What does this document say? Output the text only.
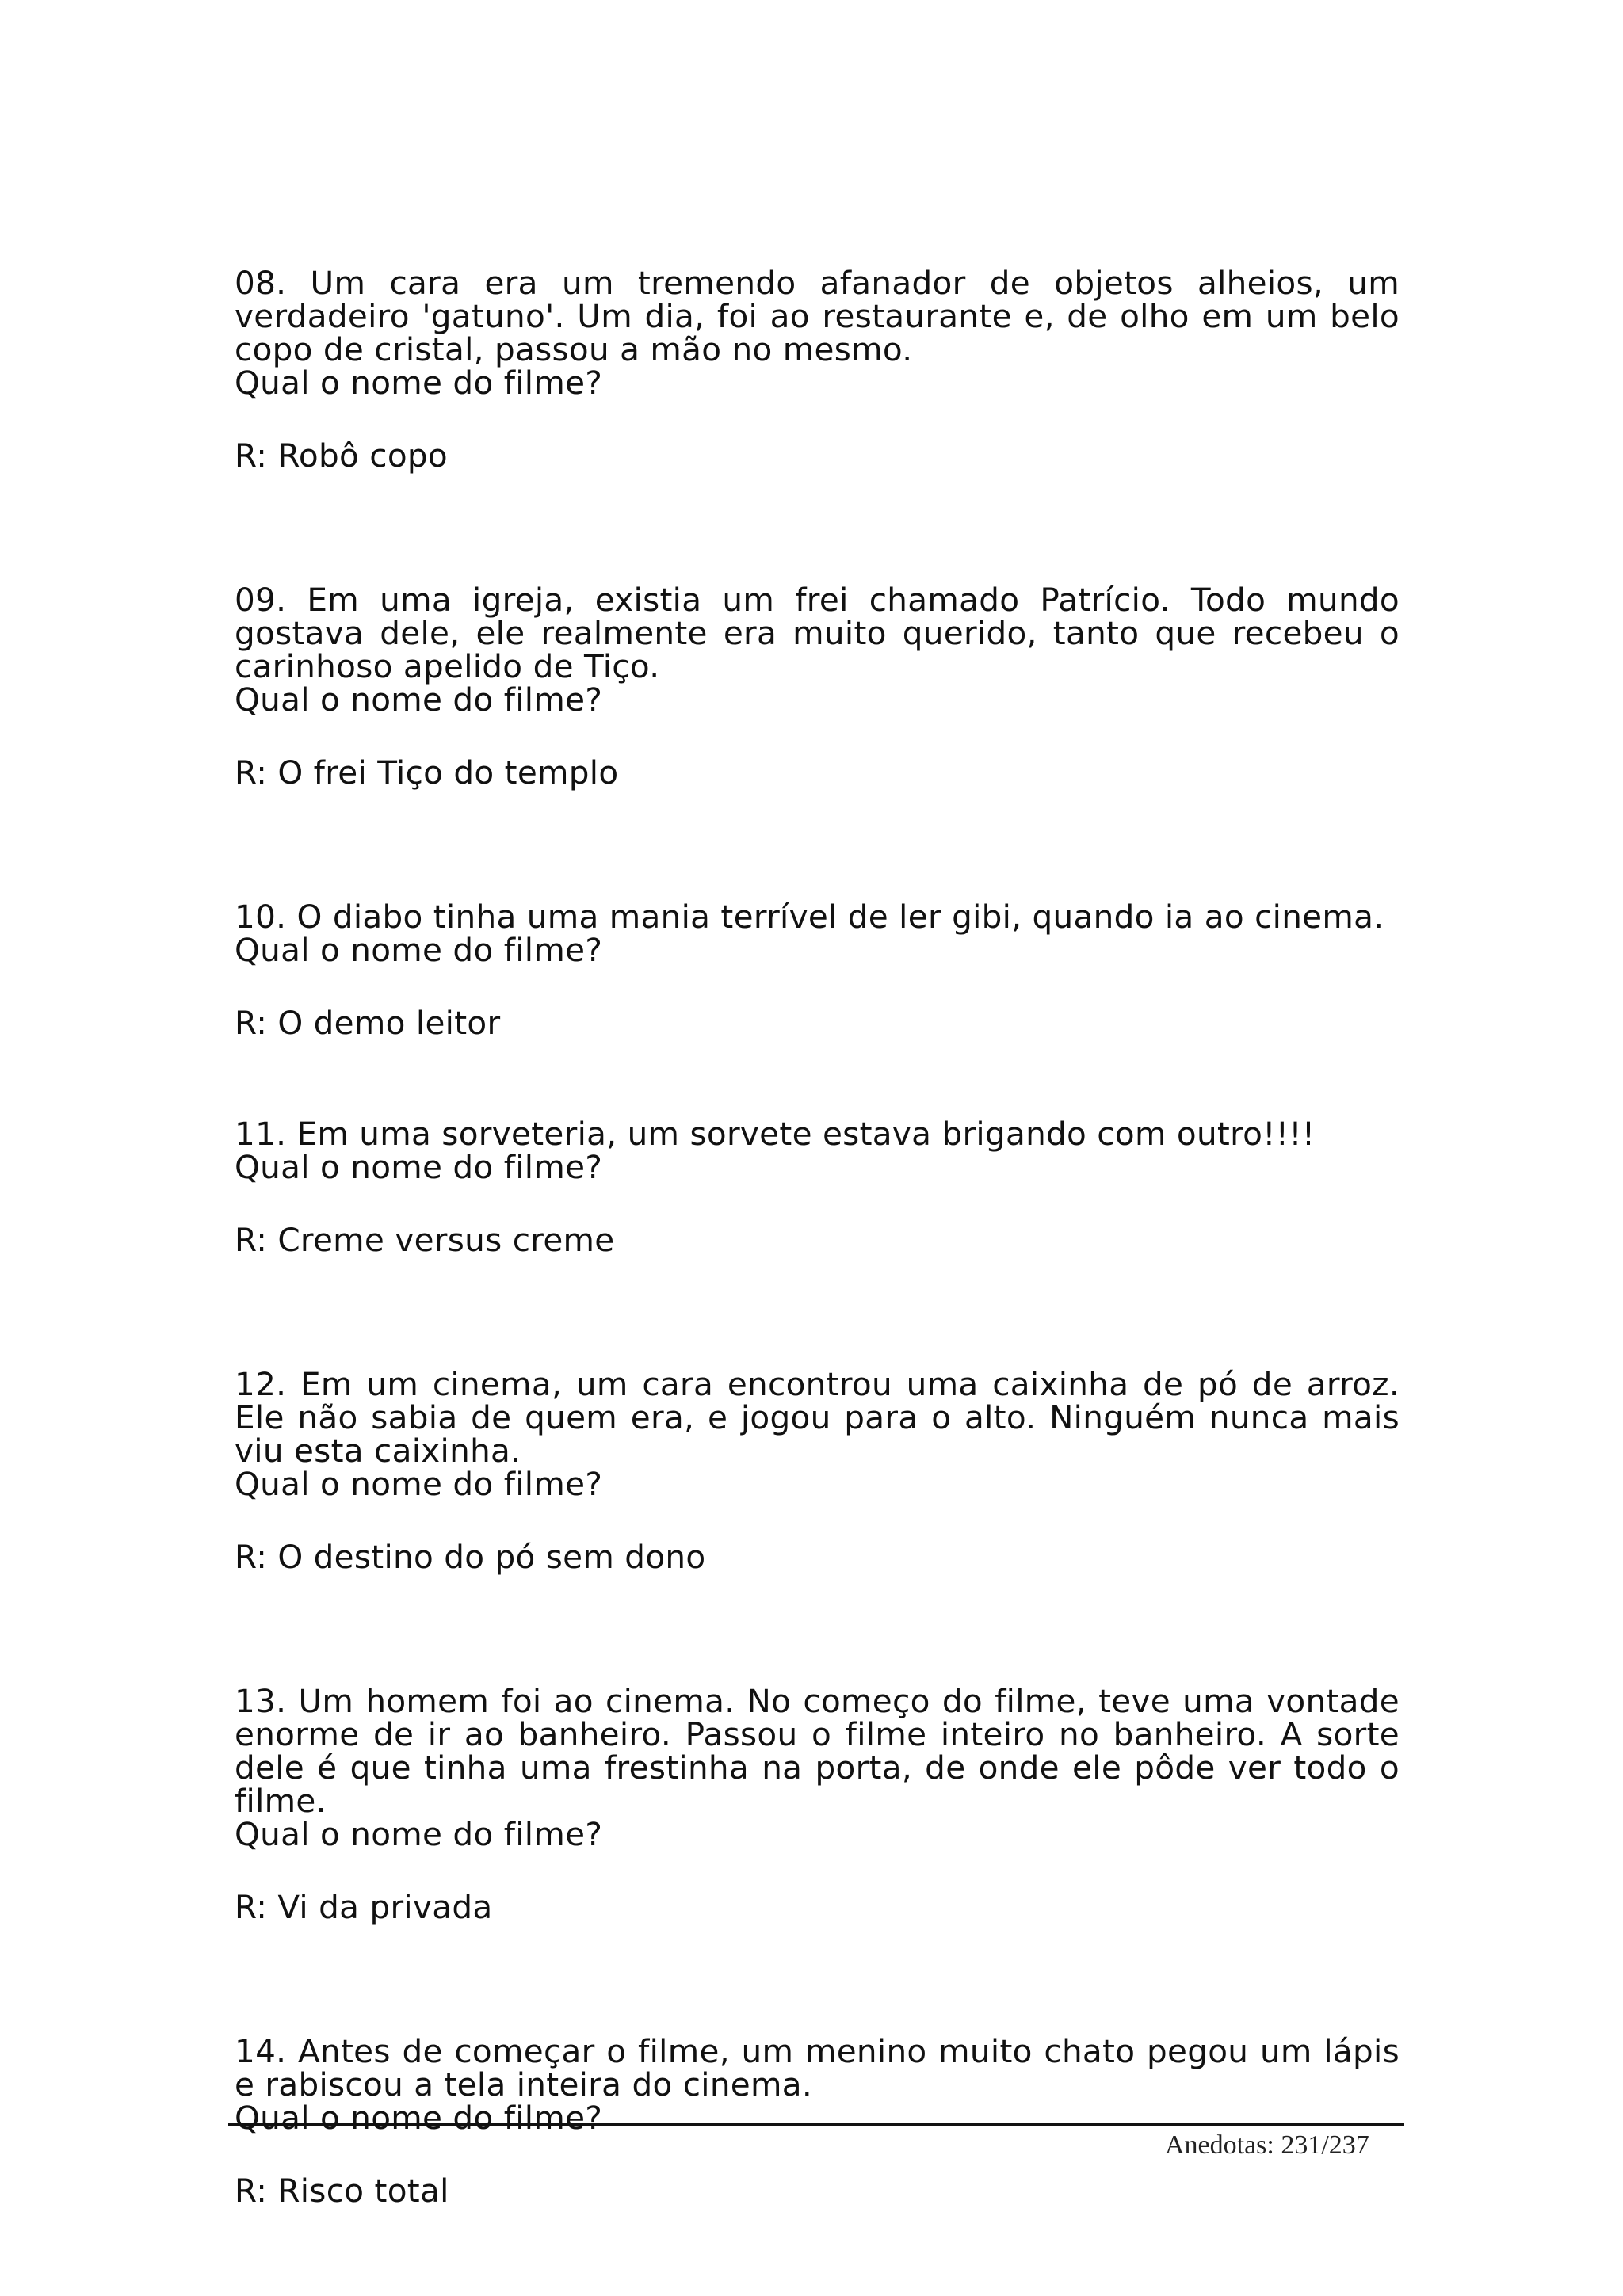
08. Um cara era um tremendo afanador de objetos alheios, um verdadeiro 'gatuno'. Um dia, foi ao restaurante e, de olho em um belo copo de cristal, passou a mão no mesmo.

Qual o nome do filme?

R: Robô copo

09. Em uma igreja, existia um frei chamado Patrício. Todo mundo gostava dele, ele realmente era muito querido, tanto que recebeu o carinhoso apelido de Tiço.

Qual o nome do filme?

R: O frei Tiço do templo

10. O diabo tinha uma mania terrível de ler gibi, quando ia ao cinema.

Qual o nome do filme?

R: O demo leitor

11. Em uma sorveteria, um sorvete estava brigando com outro!!!!

Qual o nome do filme?

R: Creme versus creme

12. Em um cinema, um cara encontrou uma caixinha de pó de arroz. Ele não sabia de quem era, e jogou para o alto. Ninguém nunca mais viu esta caixinha.

Qual o nome do filme?

R: O destino do pó sem dono

13. Um homem foi ao cinema. No começo do filme, teve uma vontade enorme de ir ao banheiro. Passou o filme inteiro no banheiro. A sorte dele é que tinha uma frestinha na porta, de onde ele pôde ver todo o filme.

Qual o nome do filme?

R: Vi da privada

14. Antes de começar o filme, um menino muito chato pegou um lápis e rabiscou a tela inteira do cinema.

Qual o nome do filme?

R: Risco total

Anedotas: 231/237
